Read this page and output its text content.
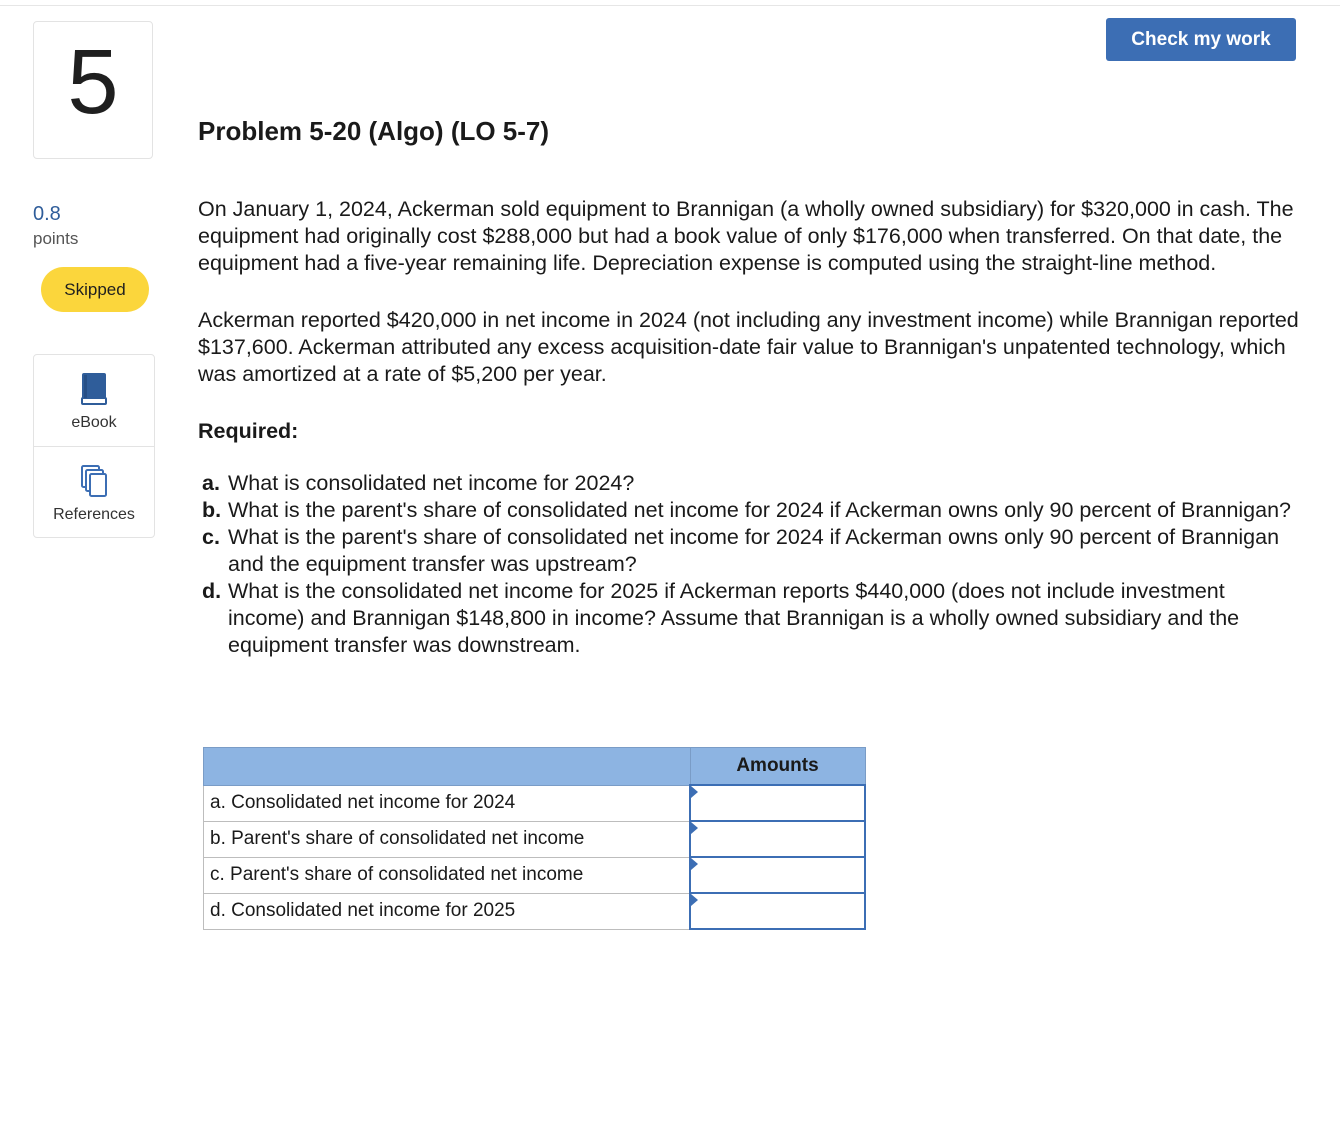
5
0.8
points
Skipped
eBook
References
Check my work
Problem 5-20 (Algo) (LO 5-7)

On January 1, 2024, Ackerman sold equipment to Brannigan (a wholly owned subsidiary) for $320,000 in cash. The equipment had originally cost $288,000 but had a book value of only $176,000 when transferred. On that date, the equipment had a five-year remaining life. Depreciation expense is computed using the straight-line method.

Ackerman reported $420,000 in net income in 2024 (not including any investment income) while Brannigan reported $137,600. Ackerman attributed any excess acquisition-date fair value to Brannigan's unpatented technology, which was amortized at a rate of $5,200 per year.

Required:

a. What is consolidated net income for 2024?
b. What is the parent's share of consolidated net income for 2024 if Ackerman owns only 90 percent of Brannigan?
c. What is the parent's share of consolidated net income for 2024 if Ackerman owns only 90 percent of Brannigan and the equipment transfer was upstream?
d. What is the consolidated net income for 2025 if Ackerman reports $440,000 (does not include investment income) and Brannigan $148,800 in income? Assume that Brannigan is a wholly owned subsidiary and the equipment transfer was downstream.
	Amounts
a. Consolidated net income for 2024	

b. Parent's share of consolidated net income	

c. Parent's share of consolidated net income	

d. Consolidated net income for 2025	
